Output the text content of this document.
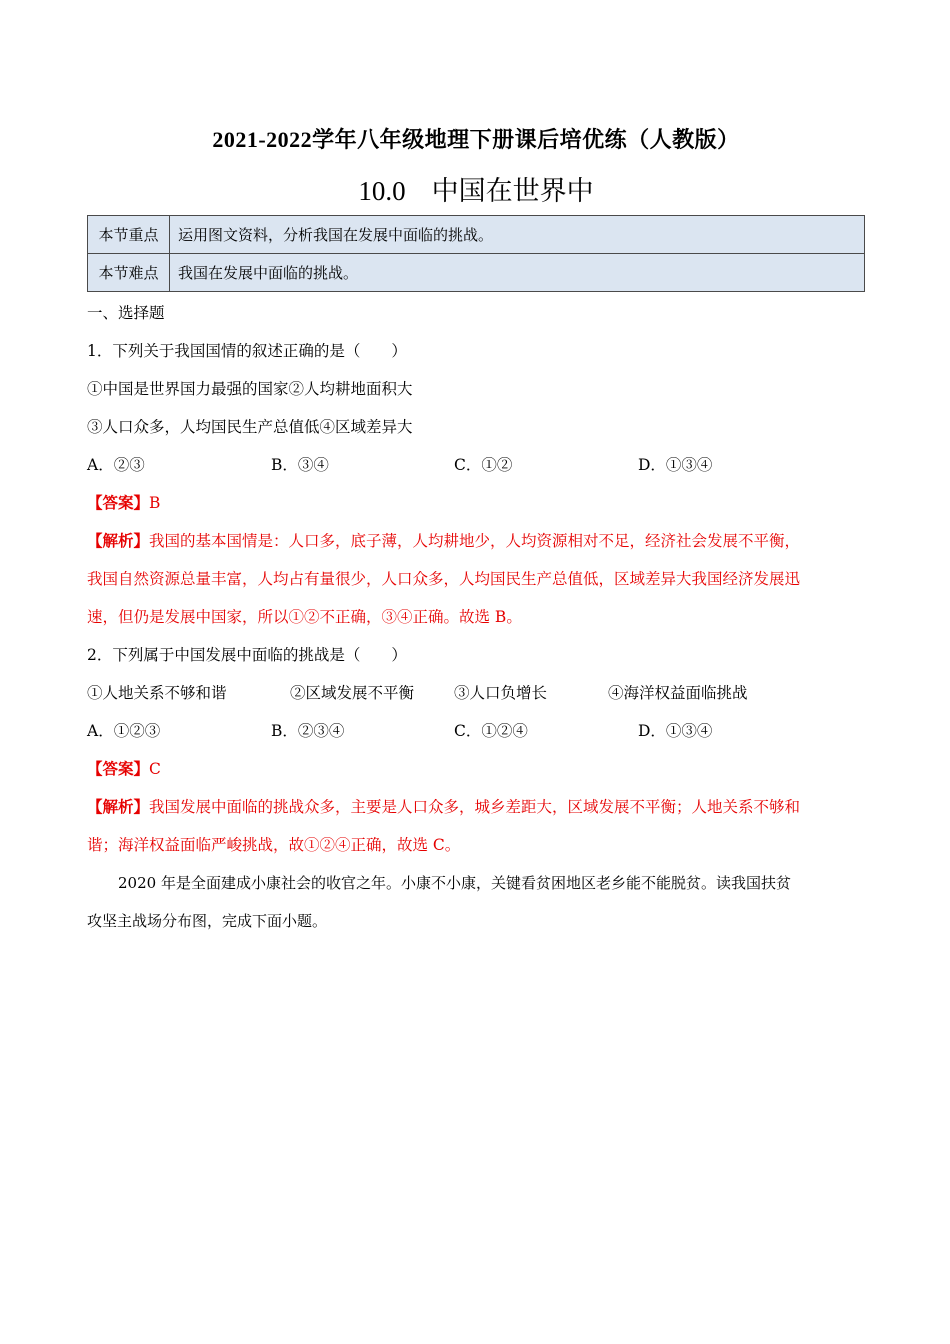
2021-2022学年八年级地理下册课后培优练（人教版）
10.0 中国在世界中
本节重点	运用图文资料，分析我国在发展中面临的挑战。
本节难点	我国在发展中面临的挑战。
一、选择题
1．下列关于我国国情的叙述正确的是（　　）
①中国是世界国力最强的国家②人均耕地面积大
③人口众多，人均国民生产总值低④区域差异大
A．②③	B．③④	C．①②	D．①③④
【答案】B
【解析】我国的基本国情是：人口多，底子薄，人均耕地少，人均资源相对不足，经济社会发展不平衡，
我国自然资源总量丰富，人均占有量很少，人口众多，人均国民生产总值低，区域差异大我国经济发展迅
速，但仍是发展中国家，所以①②不正确，③④正确。故选 B。
2．下列属于中国发展中面临的挑战是（　　）
①人地关系不够和谐	②区域发展不平衡	③人口负增长	④海洋权益面临挑战
A．①②③	B．②③④	C．①②④	D．①③④
【答案】C
【解析】我国发展中面临的挑战众多，主要是人口众多，城乡差距大，区域发展不平衡；人地关系不够和
谐；海洋权益面临严峻挑战，故①②④正确，故选 C。
2020 年是全面建成小康社会的收官之年。小康不小康，关键看贫困地区老乡能不能脱贫。读我国扶贫
攻坚主战场分布图，完成下面小题。
